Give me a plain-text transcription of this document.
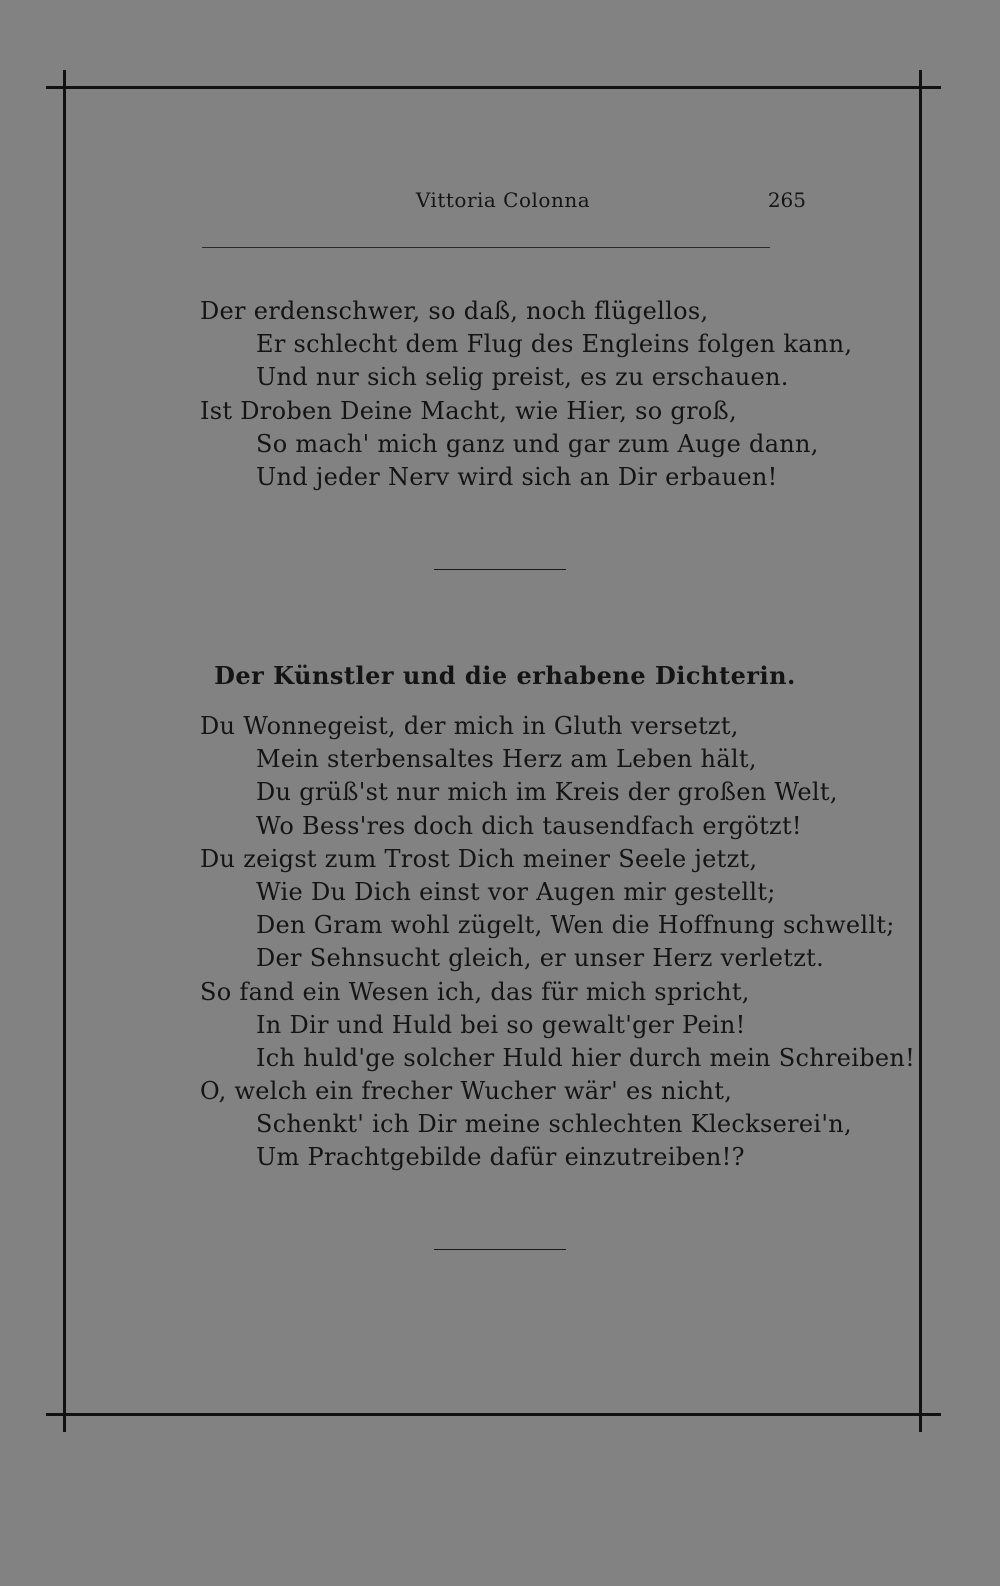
Vittoria Colonna	265
Der erdenschwer, so daß, noch flügellos,
Er schlecht dem Flug des Engleins folgen kann,
Und nur sich selig preist, es zu erschauen.
Ist Droben Deine Macht, wie Hier, so groß,
So mach' mich ganz und gar zum Auge dann,
Und jeder Nerv wird sich an Dir erbauen!
Der Künstler und die erhabene Dichterin.
Du Wonnegeist, der mich in Gluth versetzt,
Mein sterbensaltes Herz am Leben hält,
Du grüß'st nur mich im Kreis der großen Welt,
Wo Bess'res doch dich tausendfach ergötzt!
Du zeigst zum Trost Dich meiner Seele jetzt,
Wie Du Dich einst vor Augen mir gestellt;
Den Gram wohl zügelt, Wen die Hoffnung schwellt;
Der Sehnsucht gleich, er unser Herz verletzt.
So fand ein Wesen ich, das für mich spricht,
In Dir und Huld bei so gewalt'ger Pein!
Ich huld'ge solcher Huld hier durch mein Schreiben!
O, welch ein frecher Wucher wär' es nicht,
Schenkt' ich Dir meine schlechten Kleckserei'n,
Um Prachtgebilde dafür einzutreiben!?
